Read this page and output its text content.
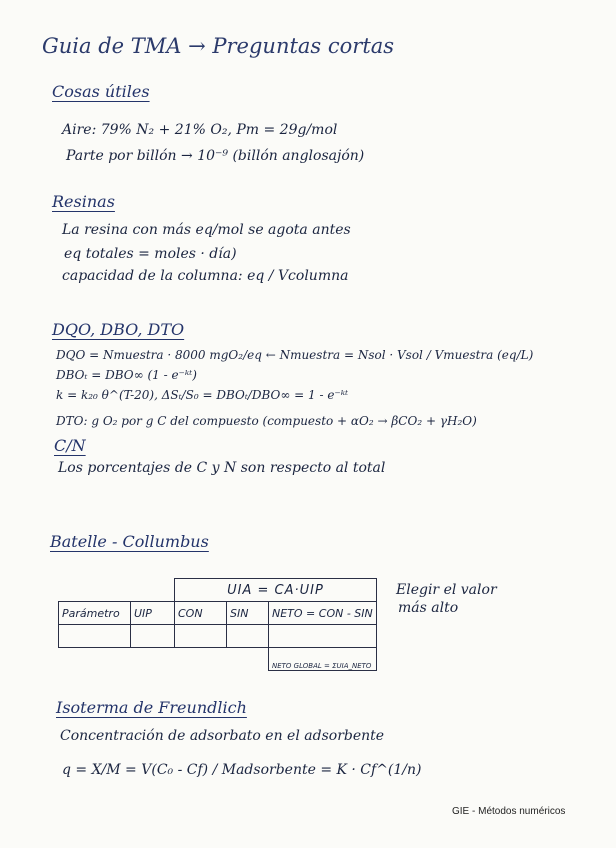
Guia de TMA → Preguntas cortas
Cosas útiles
Aire: 79% N₂ + 21% O₂, Pm = 29g/mol
Parte por billón → 10⁻⁹ (billón anglosajón)
Resinas
La resina con más eq/mol se agota antes
eq totales = moles · día)
capacidad de la columna: eq / Vcolumna
DQO, DBO, DTO
DQO = Nmuestra · 8000 mgO₂/eq ← Nmuestra = Nsol · Vsol / Vmuestra (eq/L)
DBOₜ = DBO∞ (1 - e⁻ᵏᵗ)
k = k₂₀ θ^(T-20), ΔSₜ/S₀ = DBOₜ/DBO∞ = 1 - e⁻ᵏᵗ
DTO: g O₂ por g C del compuesto (compuesto + αO₂ → βCO₂ + γH₂O)
C/N
Los porcentajes de C y N son respecto al total
Batelle - Collumbus
		UIA = CA·UIP		
Parámetro	UIP	CON	SIN	NETO = CON - SIN

				NETO GLOBAL = ΣUIA_NETO
Elegir el valor
más alto
Isoterma de Freundlich
Concentración de adsorbato en el adsorbente
q = X/M = V(C₀ - Cf) / Madsorbente = K · Cf^(1/n)
GIE - Métodos numéricos
